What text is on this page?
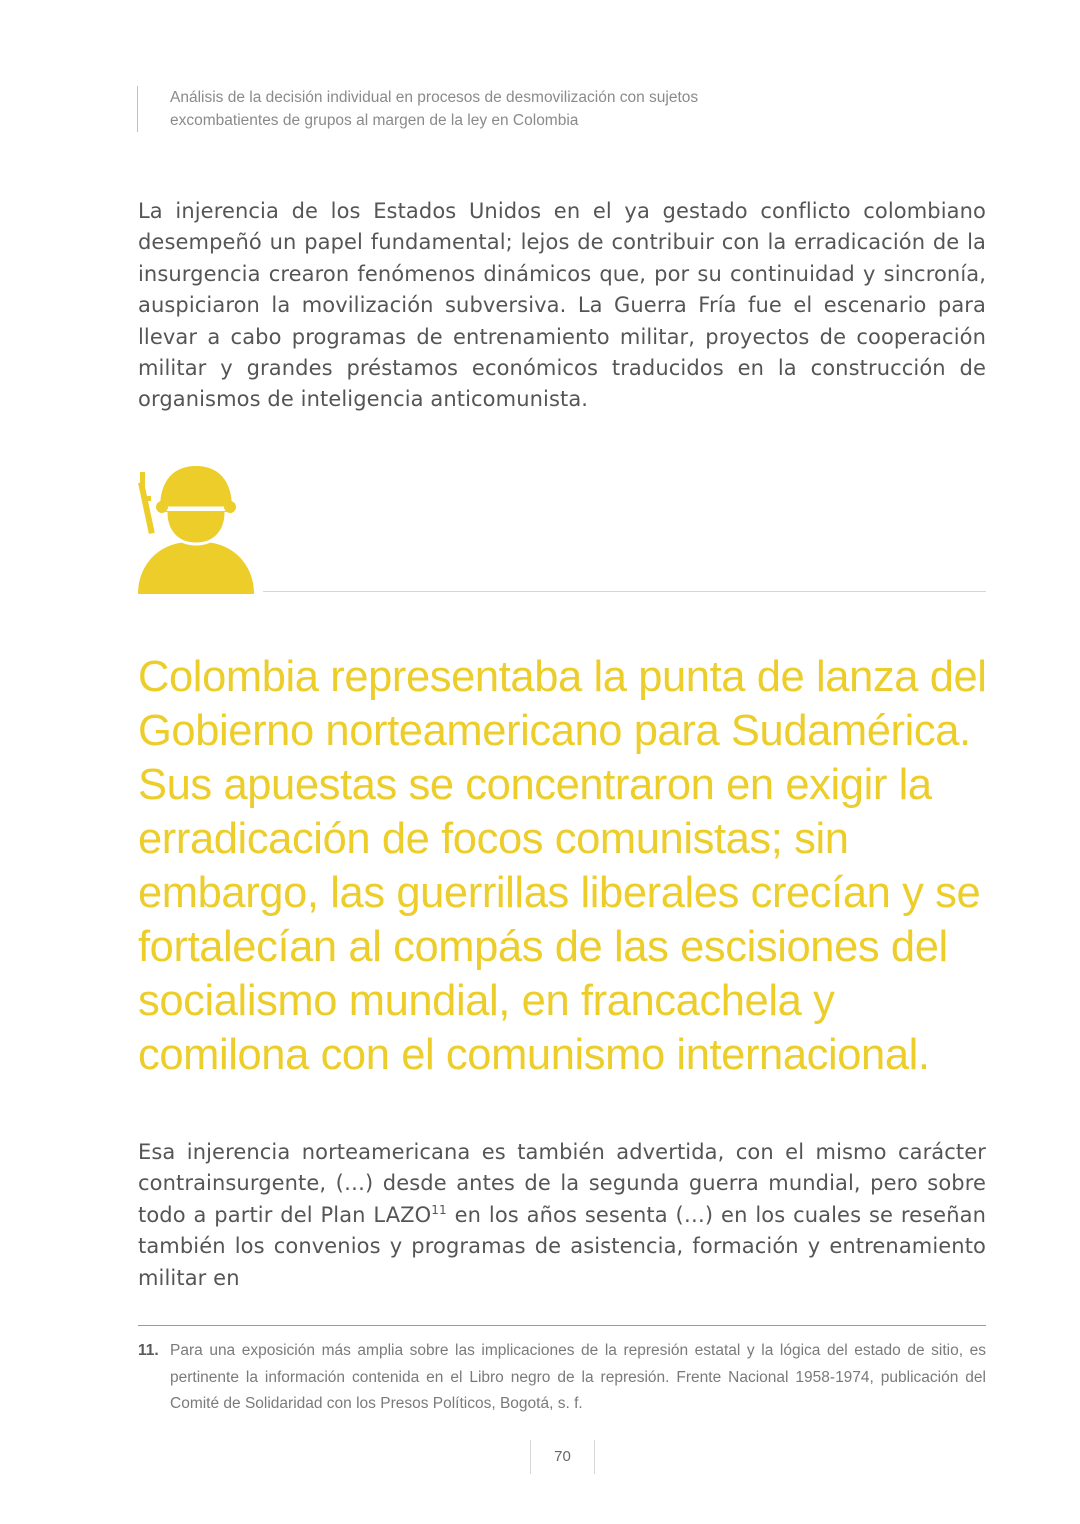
Análisis de la decisión individual en procesos de desmovilización con sujetos
excombatientes de grupos al margen de la ley en Colombia

La injerencia de los Estados Unidos en el ya gestado conflicto colombiano desempeñó un papel fundamental; lejos de contribuir con la erradicación de la insurgencia crearon fenómenos dinámicos que, por su continuidad y sincronía, auspiciaron la movilización subversiva. La Guerra Fría fue el escenario para llevar a cabo programas de entrenamiento militar, proyectos de cooperación militar y grandes préstamos económicos traducidos en la construcción de organismos de inteligencia anticomunista.

Colombia representaba la punta de lanza del Gobierno norteamericano para Sudamérica. Sus apuestas se concentraron en exigir la erradicación de focos comunistas; sin embargo, las guerrillas liberales crecían y se fortalecían al compás de las escisiones del socialismo mundial, en francachela y comilona con el comunismo internacional.

Esa injerencia norteamericana es también advertida, con el mismo carácter contrainsurgente, (…) desde antes de la segunda guerra mundial, pero sobre todo a partir del Plan LAZO$^{11}$ en los años sesenta (…) en los cuales se reseñan también los convenios y programas de asistencia, formación y entrenamiento militar en

11. Para una exposición más amplia sobre las implicaciones de la represión estatal y la lógica del estado de sitio, es pertinente la información contenida en el Libro negro de la represión. Frente Nacional 1958-1974, publicación del Comité de Solidaridad con los Presos Políticos, Bogotá, s. f.
70
